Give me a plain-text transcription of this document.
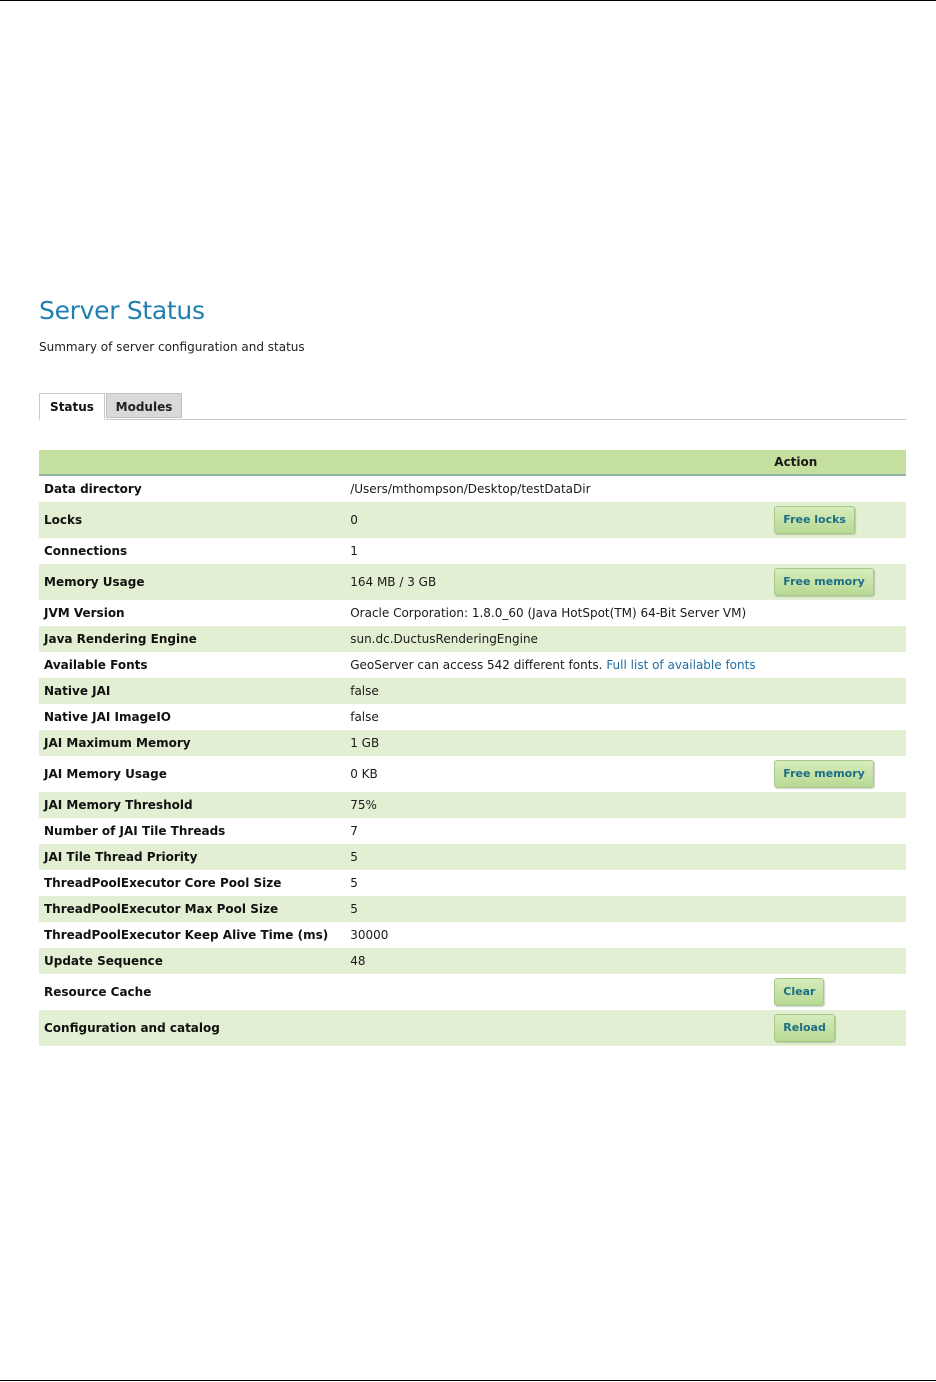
Server Status
Summary of server configuration and status
Status	Modules
		Action
Data directory	/Users/mthompson/Desktop/testDataDir	
Locks	0	Free locks
Connections	1	
Memory Usage	164 MB / 3 GB	Free memory
JVM Version	Oracle Corporation: 1.8.0_60 (Java HotSpot(TM) 64-Bit Server VM)	
Java Rendering Engine	sun.dc.DuctusRenderingEngine	
Available Fonts	GeoServer can access 542 different fonts. Full list of available fonts	
Native JAI	false	
Native JAI ImageIO	false	
JAI Maximum Memory	1 GB	
JAI Memory Usage	0 KB	Free memory
JAI Memory Threshold	75%	
Number of JAI Tile Threads	7	
JAI Tile Thread Priority	5	
ThreadPoolExecutor Core Pool Size	5	
ThreadPoolExecutor Max Pool Size	5	
ThreadPoolExecutor Keep Alive Time (ms)	30000	
Update Sequence	48	
Resource Cache		Clear
Configuration and catalog		Reload
